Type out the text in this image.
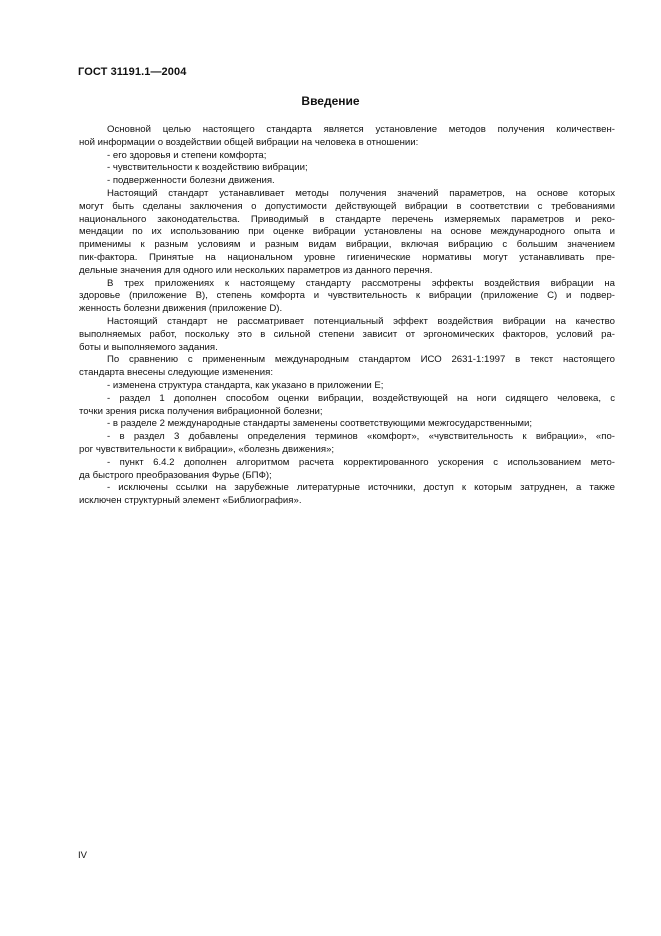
ГОСТ 31191.1—2004
Введение
Основной целью настоящего стандарта является установление методов получения количествен-
ной информации о воздействии общей вибрации на человека в отношении:
- его здоровья и степени комфорта;
- чувствительности к воздействию вибрации;
- подверженности болезни движения.
Настоящий стандарт устанавливает методы получения значений параметров, на основе которых
могут быть сделаны заключения о допустимости действующей вибрации в соответствии с требованиями
национального законодательства. Приводимый в стандарте перечень измеряемых параметров и реко-
мендации по их использованию при оценке вибрации установлены на основе международного опыта и
применимы к разным условиям и разным видам вибрации, включая вибрацию с большим значением
пик-фактора. Принятые на национальном уровне гигиенические нормативы могут устанавливать пре-
дельные значения для одного или нескольких параметров из данного перечня.
В трех приложениях к настоящему стандарту рассмотрены эффекты воздействия вибрации на
здоровье (приложение В), степень комфорта и чувствительность к вибрации (приложение С) и подвер-
женность болезни движения (приложение D).
Настоящий стандарт не рассматривает потенциальный эффект воздействия вибрации на качество
выполняемых работ, поскольку это в сильной степени зависит от эргономических факторов, условий ра-
боты и выполняемого задания.
По сравнению с примененным международным стандартом ИСО 2631-1:1997 в текст настоящего
стандарта внесены следующие изменения:
- изменена структура стандарта, как указано в приложении Е;
- раздел 1 дополнен способом оценки вибрации, воздействующей на ноги сидящего человека, с
точки зрения риска получения вибрационной болезни;
- в разделе 2 международные стандарты заменены соответствующими межгосударственными;
- в раздел 3 добавлены определения терминов «комфорт», «чувствительность к вибрации», «по-
рог чувствительности к вибрации», «болезнь движения»;
- пункт 6.4.2 дополнен алгоритмом расчета корректированного ускорения с использованием мето-
да быстрого преобразования Фурье (БПФ);
- исключены ссылки на зарубежные литературные источники, доступ к которым затруднен, а также
исключен структурный элемент «Библиография».
IV
